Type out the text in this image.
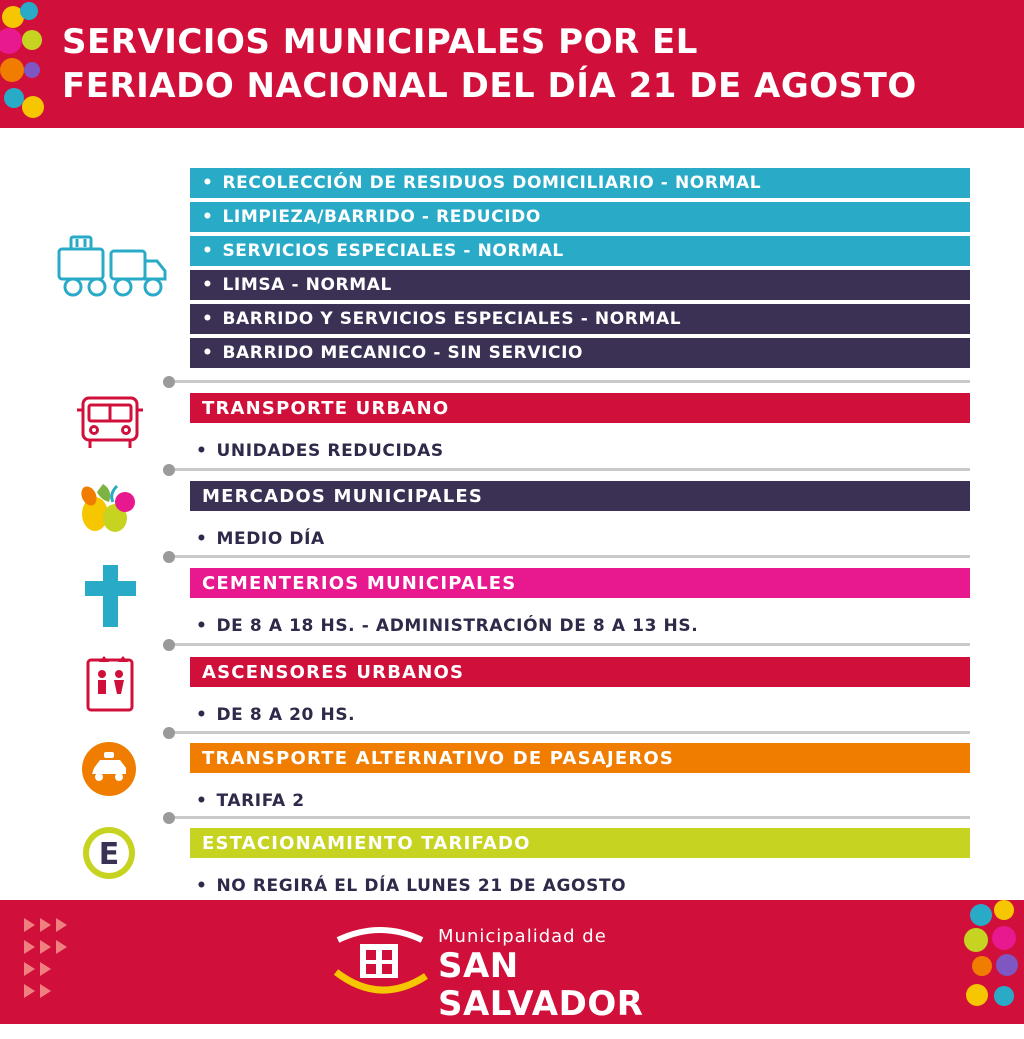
SERVICIOS MUNICIPALES POR EL
FERIADO NACIONAL DEL DÍA 21 DE AGOSTO
• RECOLECCIÓN DE RESIDUOS DOMICILIARIO - NORMAL
• LIMPIEZA/BARRIDO - REDUCIDO
• SERVICIOS ESPECIALES - NORMAL
• LIMSA - NORMAL
• BARRIDO Y SERVICIOS ESPECIALES - NORMAL
• BARRIDO MECANICO - SIN SERVICIO
TRANSPORTE URBANO
• UNIDADES REDUCIDAS
MERCADOS MUNICIPALES
• MEDIO DÍA
CEMENTERIOS MUNICIPALES
• DE 8 A 18 HS. - ADMINISTRACIÓN DE 8 A 13 HS.
ASCENSORES URBANOS
• DE 8 A 20 HS.
TRANSPORTE ALTERNATIVO DE PASAJEROS
• TARIFA 2
E	ESTACIONAMIENTO TARIFADO
• NO REGIRÁ EL DÍA LUNES 21 DE AGOSTO
Municipalidad de
SAN SALVADOR
DE JUJUY
